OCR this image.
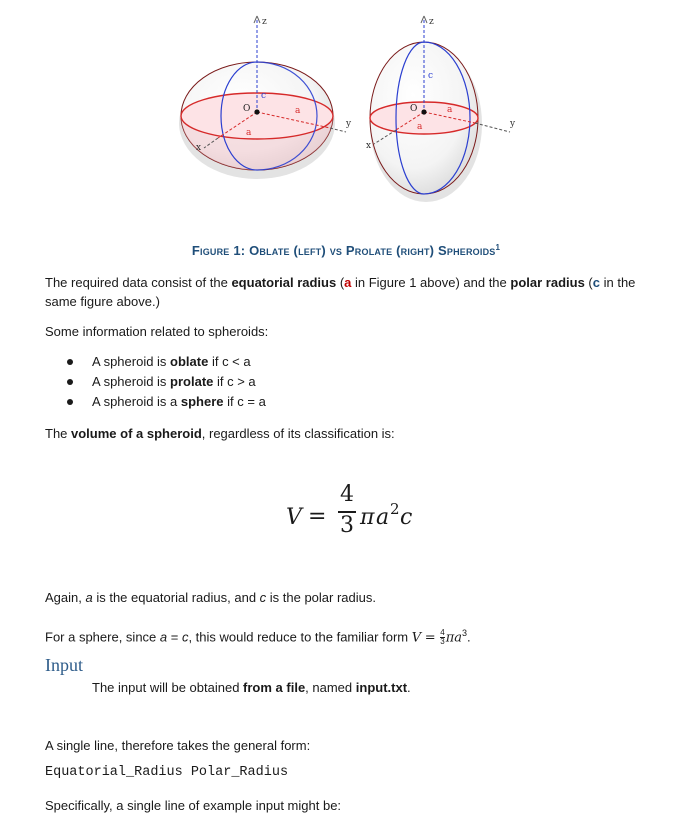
z
c
O	a
a
x
y
z
c
O	a
a
x
y
Figure 1: Oblate (left) vs Prolate (right) Spheroids$^1$
The required data consist of the equatorial radius (a in Figure 1 above) and the polar radius (c in the
same figure above.)
Some information related to spheroids:
A spheroid is oblate if c < a
A spheroid is prolate if c > a
A spheroid is a sphere if c = a
The volume of a spheroid, regardless of its classification is:
V =
4
3 π a 2 c
Again, a is the equatorial radius, and c is the polar radius.
For a sphere, since a = c, this would reduce to the familiar form $V = \frac{4}{3} \pi a^3$.
Input
The input will be obtained from a file, named input.txt.
A single line, therefore takes the general form:
Equatorial_Radius Polar_Radius
Specifically, a single line of example input might be:
